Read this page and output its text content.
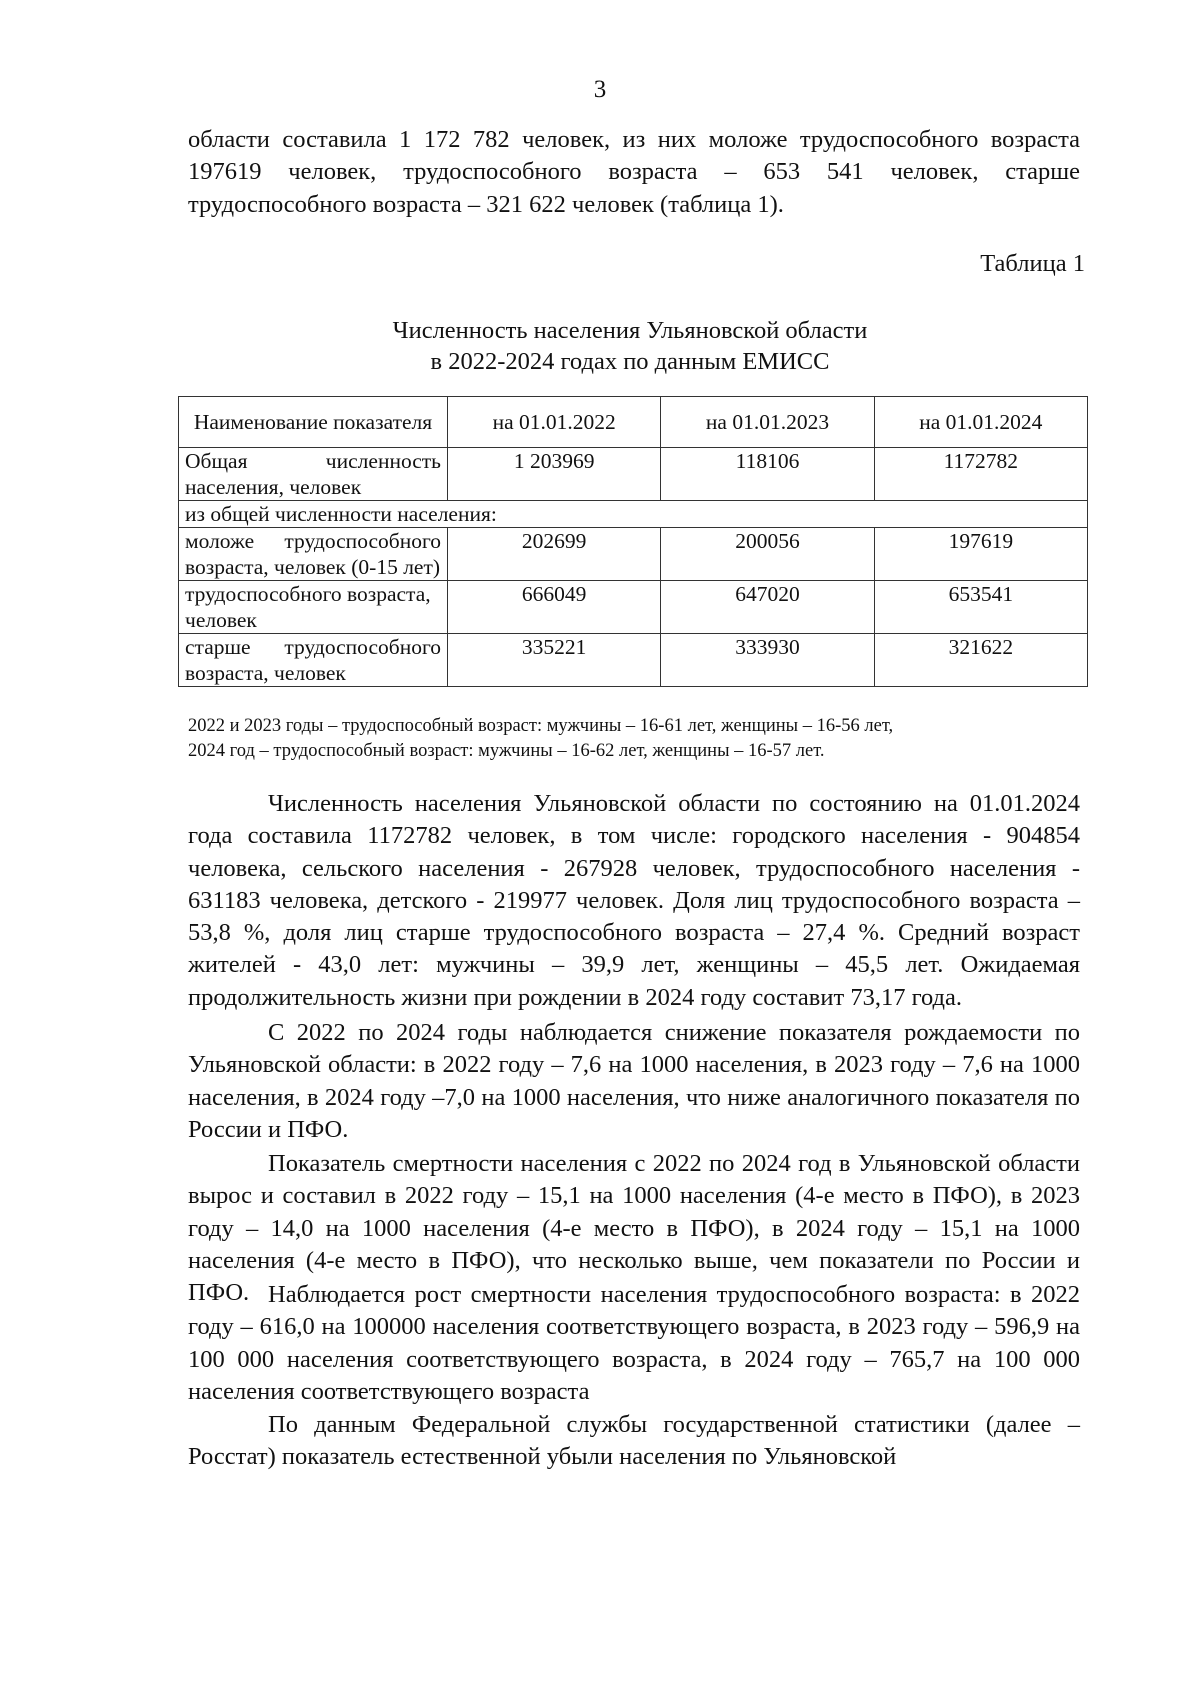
3
области составила 1 172 782 человек, из них моложе трудоспособного возраста 197619 человек, трудоспособного возраста – 653 541 человек, старше трудоспособного возраста – 321 622 человек (таблица 1).
Таблица 1
Численность населения Ульяновской области
в 2022-2024 годах по данным ЕМИСС
Наименование показателя	на 01.01.2022	на 01.01.2023	на 01.01.2024
Общая численность населения, человек	1 203969	118106	1172782
из общей численности населения:			
моложе трудоспособного возраста, человек (0-15 лет)	202699	200056	197619
трудоспособного возраста, человек	666049	647020	653541
старше трудоспособного возраста, человек	335221	333930	321622
2022 и 2023 годы – трудоспособный возраст: мужчины – 16-61 лет, женщины – 16-56 лет,
2024 год – трудоспособный возраст: мужчины – 16-62 лет, женщины – 16-57 лет.
Численность населения Ульяновской области по состоянию на 01.01.2024 года составила 1172782 человек, в том числе: городского населения - 904854 человека, сельского населения - 267928 человек, трудоспособного населения - 631183 человека, детского - 219977 человек. Доля лиц трудоспособного возраста – 53,8 %, доля лиц старше трудоспособного возраста – 27,4 %. Средний возраст жителей - 43,0 лет: мужчины – 39,9 лет, женщины – 45,5 лет. Ожидаемая продолжительность жизни при рождении в 2024 году составит 73,17 года.
С 2022 по 2024 годы наблюдается снижение показателя рождаемости по Ульяновской области: в 2022 году – 7,6 на 1000 населения, в 2023 году – 7,6 на 1000 населения, в 2024 году –7,0 на 1000 населения, что ниже аналогичного показателя по России и ПФО.
Показатель смертности населения с 2022 по 2024 год в Ульяновской области вырос и составил в 2022 году – 15,1 на 1000 населения (4-е место в ПФО), в 2023 году – 14,0 на 1000 населения (4-е место в ПФО), в 2024 году – 15,1 на 1000 населения (4-е место в ПФО), что несколько выше, чем показатели по России и ПФО. Наблюдается рост смертности населения трудоспособного возраста: в 2022 году – 616,0 на 100000 населения соответствующего возраста, в 2023 году – 596,9 на 100 000 населения соответствующего возраста, в 2024 году – 765,7 на 100 000 населения соответствующего возраста
По данным Федеральной службы государственной статистики (далее – Росстат) показатель естественной убыли населения по Ульяновской
